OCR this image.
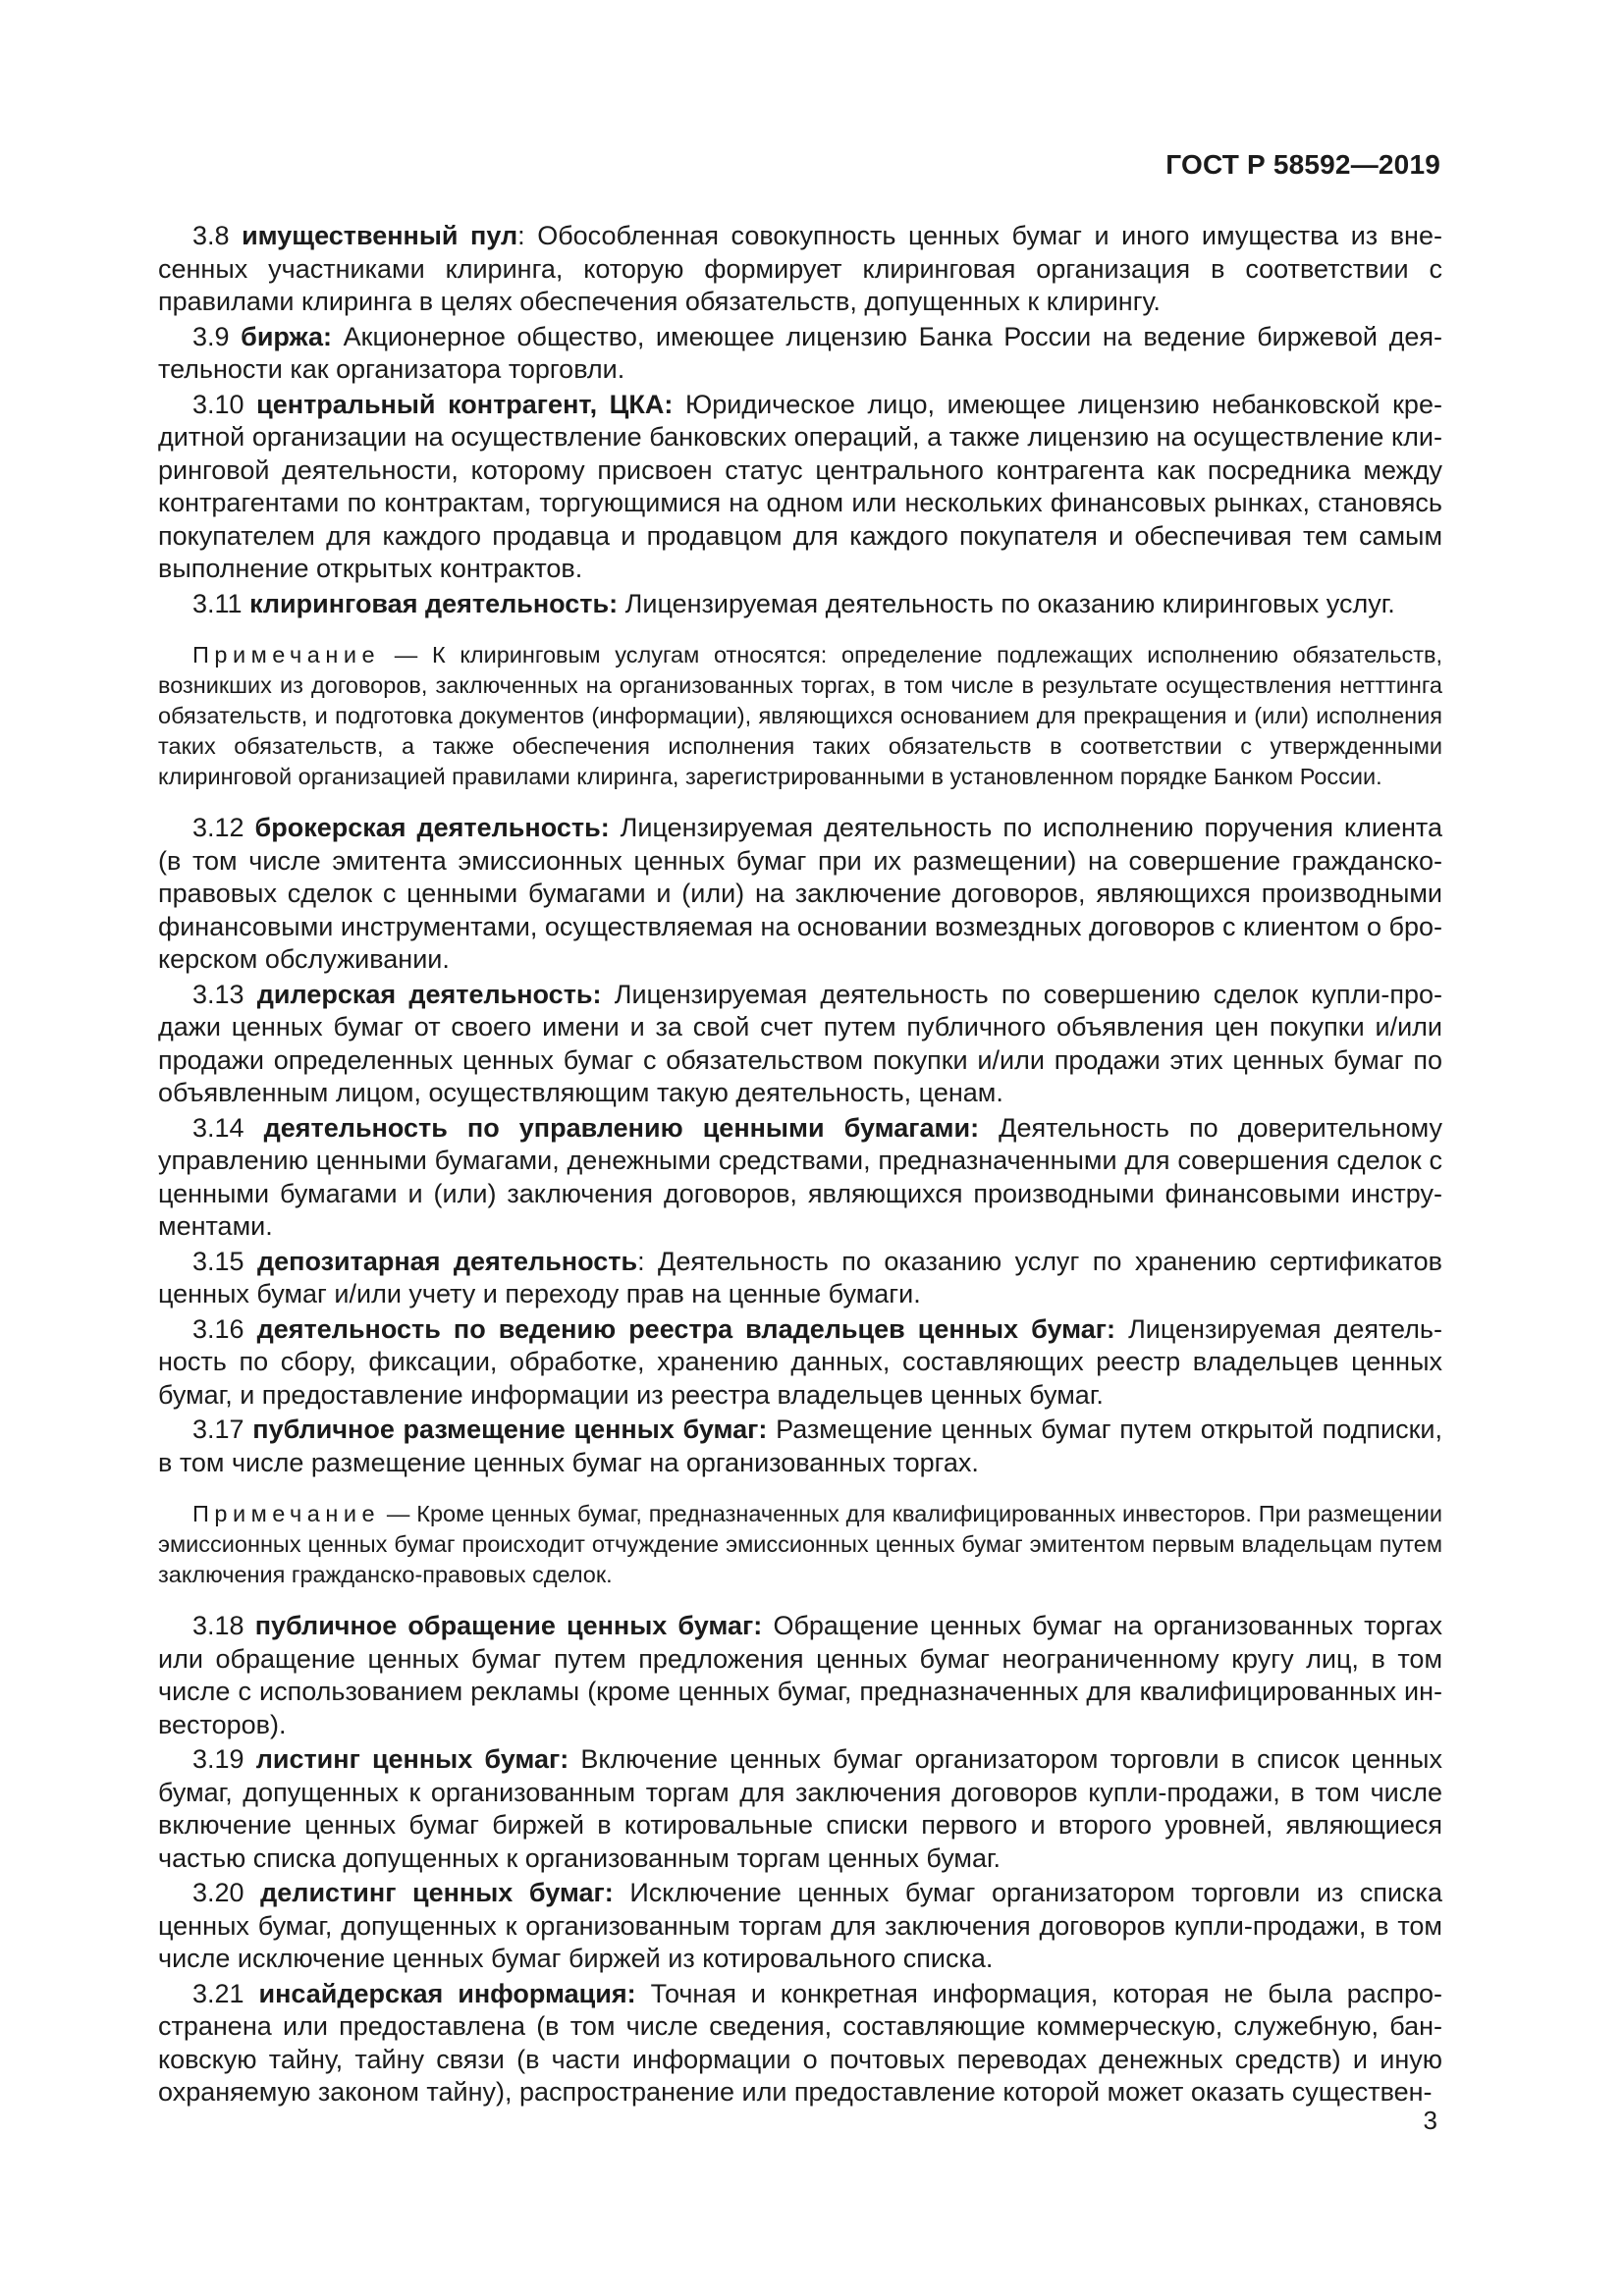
ГОСТ Р 58592—2019

3.8 имущественный пул: Обособленная совокупность ценных бумаг и иного имущества из внесенных участниками клиринга, которую формирует клиринговая организация в соответствии с правилами клиринга в целях обеспечения обязательств, допущенных к клирингу.

3.9 биржа: Акционерное общество, имеющее лицензию Банка России на ведение биржевой деятельности как организатора торговли.

3.10 центральный контрагент, ЦКА: Юридическое лицо, имеющее лицензию небанковской кредитной организации на осуществление банковских операций, а также лицензию на осуществление клиринговой деятельности, которому присвоен статус центрального контрагента как посредника между контрагентами по контрактам, торгующимися на одном или нескольких финансовых рынках, становясь покупателем для каждого продавца и продавцом для каждого покупателя и обеспечивая тем самым выполнение открытых контрактов.

3.11 клиринговая деятельность: Лицензируемая деятельность по оказанию клиринговых услуг.

Примечание — К клиринговым услугам относятся: определение подлежащих исполнению обязательств, возникших из договоров, заключенных на организованных торгах, в том числе в результате осуществления нетттинга обязательств, и подготовка документов (информации), являющихся основанием для прекращения и (или) исполнения таких обязательств, а также обеспечения исполнения таких обязательств в соответствии с утвержденными клиринговой организацией правилами клиринга, зарегистрированными в установленном порядке Банком России.

3.12 брокерская деятельность: Лицензируемая деятельность по исполнению поручения клиента (в том числе эмитента эмиссионных ценных бумаг при их размещении) на совершение гражданско-правовых сделок с ценными бумагами и (или) на заключение договоров, являющихся производными финансовыми инструментами, осуществляемая на основании возмездных договоров с клиентом о брокерском обслуживании.

3.13 дилерская деятельность: Лицензируемая деятельность по совершению сделок купли-продажи ценных бумаг от своего имени и за свой счет путем публичного объявления цен покупки и/или продажи определенных ценных бумаг с обязательством покупки и/или продажи этих ценных бумаг по объявленным лицом, осуществляющим такую деятельность, ценам.

3.14 деятельность по управлению ценными бумагами: Деятельность по доверительному управлению ценными бумагами, денежными средствами, предназначенными для совершения сделок с ценными бумагами и (или) заключения договоров, являющихся производными финансовыми инструментами.

3.15 депозитарная деятельность: Деятельность по оказанию услуг по хранению сертификатов ценных бумаг и/или учету и переходу прав на ценные бумаги.

3.16 деятельность по ведению реестра владельцев ценных бумаг: Лицензируемая деятельность по сбору, фиксации, обработке, хранению данных, составляющих реестр владельцев ценных бумаг, и предоставление информации из реестра владельцев ценных бумаг.

3.17 публичное размещение ценных бумаг: Размещение ценных бумаг путем открытой подписки, в том числе размещение ценных бумаг на организованных торгах.

Примечание — Кроме ценных бумаг, предназначенных для квалифицированных инвесторов. При размещении эмиссионных ценных бумаг происходит отчуждение эмиссионных ценных бумаг эмитентом первым владельцам путем заключения гражданско-правовых сделок.

3.18 публичное обращение ценных бумаг: Обращение ценных бумаг на организованных торгах или обращение ценных бумаг путем предложения ценных бумаг неограниченному кругу лиц, в том числе с использованием рекламы (кроме ценных бумаг, предназначенных для квалифицированных инвесторов).

3.19 листинг ценных бумаг: Включение ценных бумаг организатором торговли в список ценных бумаг, допущенных к организованным торгам для заключения договоров купли-продажи, в том числе включение ценных бумаг биржей в котировальные списки первого и второго уровней, являющиеся частью списка допущенных к организованным торгам ценных бумаг.

3.20 делистинг ценных бумаг: Исключение ценных бумаг организатором торговли из списка ценных бумаг, допущенных к организованным торгам для заключения договоров купли-продажи, в том числе исключение ценных бумаг биржей из котировального списка.

3.21 инсайдерская информация: Точная и конкретная информация, которая не была распространена или предоставлена (в том числе сведения, составляющие коммерческую, служебную, банковскую тайну, тайну связи (в части информации о почтовых переводах денежных средств) и иную охраняемую законом тайну), распространение или предоставление которой может оказать существен-

3
